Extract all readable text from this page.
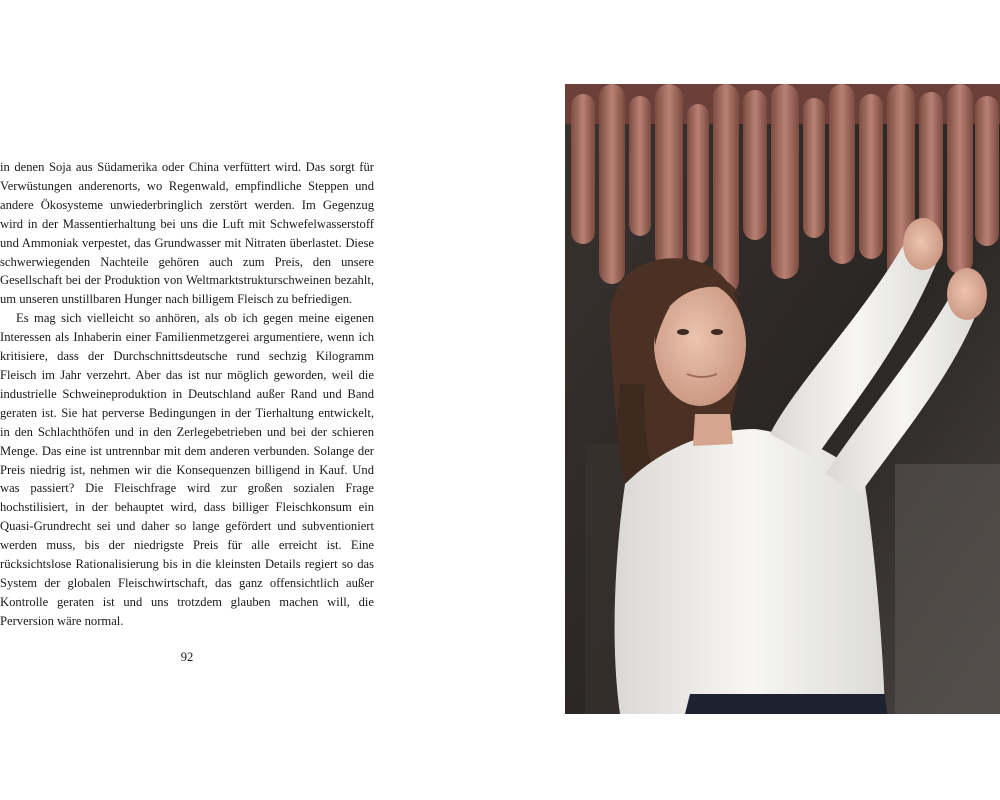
in denen Soja aus Südamerika oder China verfüttert wird. Das sorgt für Verwüstungen anderenorts, wo Regenwald, empfindliche Steppen und andere Ökosysteme unwiederbringlich zerstört werden. Im Gegenzug wird in der Massentierhaltung bei uns die Luft mit Schwefelwasserstoff und Ammoniak verpestet, das Grundwasser mit Nitraten überlastet. Diese schwerwiegenden Nachteile gehören auch zum Preis, den unsere Gesellschaft bei der Produktion von Weltmarktstrukturschweinen bezahlt, um unseren unstillbaren Hunger nach billigem Fleisch zu befriedigen.

Es mag sich vielleicht so anhören, als ob ich gegen meine eigenen Interessen als Inhaberin einer Familienmetzgerei argumentiere, wenn ich kritisiere, dass der Durchschnittsdeutsche rund sechzig Kilogramm Fleisch im Jahr verzehrt. Aber das ist nur möglich geworden, weil die industrielle Schweineproduktion in Deutschland außer Rand und Band geraten ist. Sie hat perverse Bedingungen in der Tierhaltung entwickelt, in den Schlachthöfen und in den Zerlegebetrieben und bei der schieren Menge. Das eine ist untrennbar mit dem anderen verbunden. Solange der Preis niedrig ist, nehmen wir die Konsequenzen billigend in Kauf. Und was passiert? Die Fleischfrage wird zur großen sozialen Frage hochstilisiert, in der behauptet wird, dass billiger Fleischkonsum ein Quasi-Grundrecht sei und daher so lange gefördert und subventioniert werden muss, bis der niedrigste Preis für alle erreicht ist. Eine rücksichtslose Rationalisierung bis in die kleinsten Details regiert so das System der globalen Fleischwirtschaft, das ganz offensichtlich außer Kontrolle geraten ist und uns trotzdem glauben machen will, die Perversion wäre normal.

92
